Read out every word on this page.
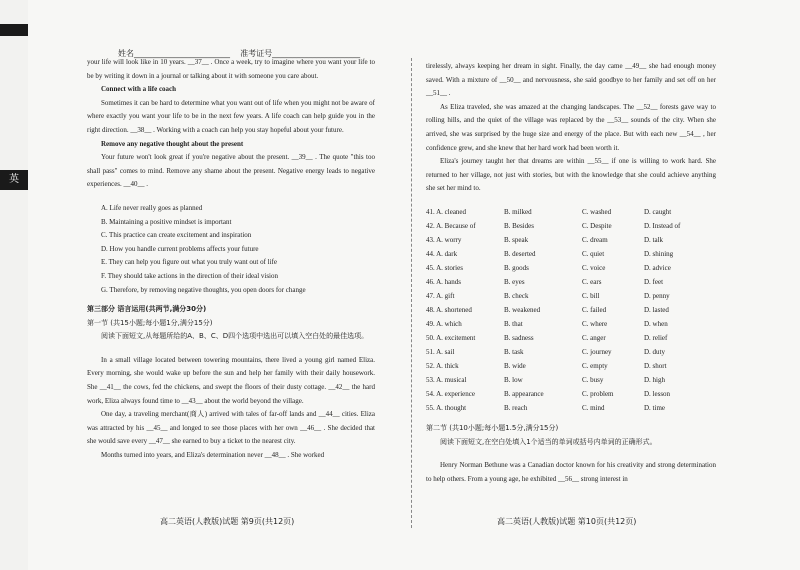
英
姓名________________________    准考证号______________________

your life will look like in 10 years. __37__ . Once a week, try to imagine where you want your life to be by writing it down in a journal or talking about it with someone you care about.

Connect with a life coach

Sometimes it can be hard to determine what you want out of life when you might not be aware of where exactly you want your life to be in the next few years. A life coach can help guide you in the right direction. __38__ . Working with a coach can help you stay hopeful about your future.

Remove any negative thought about the present

Your future won't look great if you're negative about the present. __39__ . The quote "this too shall pass" comes to mind. Remove any shame about the present. Negative energy leads to negative experiences. __40__ .

A. Life never really goes as planned

B. Maintaining a positive mindset is important

C. This practice can create excitement and inspiration

D. How you handle current problems affects your future

E. They can help you figure out what you truly want out of life

F. They should take actions in the direction of their ideal vision

G. Therefore, by removing negative thoughts, you open doors for change

第三部分 语言运用(共两节,满分30分)

第一节 (共15小题;每小题1分,满分15分)

阅读下面短文,从每题所给的A、B、C、D四个选项中选出可以填入空白处的最佳选项。

In a small village located between towering mountains, there lived a young girl named Eliza. Every morning, she would wake up before the sun and help her family with their daily housework. She __41__ the cows, fed the chickens, and swept the floors of their dusty cottage. __42__ the hard work, Eliza always found time to __43__ about the world beyond the village.

One day, a traveling merchant(商人) arrived with tales of far-off lands and __44__ cities. Eliza was attracted by his __45__ and longed to see those places with her own __46__ . She decided that she would save every __47__ she earned to buy a ticket to the nearest city.

Months turned into years, and Eliza's determination never __48__ . She worked

高二英语(人教版)试题 第9页(共12页)

tirelessly, always keeping her dream in sight. Finally, the day came __49__ she had enough money saved. With a mixture of __50__ and nervousness, she said goodbye to her family and set off on her __51__ .

As Eliza traveled, she was amazed at the changing landscapes. The __52__ forests gave way to rolling hills, and the quiet of the village was replaced by the __53__ sounds of the city. When she arrived, she was surprised by the huge size and energy of the place. But with each new __54__ , her confidence grew, and she knew that her hard work had been worth it.

Eliza's journey taught her that dreams are within __55__ if one is willing to work hard. She returned to her village, not just with stories, but with the knowledge that she could achieve anything she set her mind to.

41. A. cleaned	B. milked	C. washed	D. caught
42. A. Because of	B. Besides	C. Despite	D. Instead of
43. A. worry	B. speak	C. dream	D. talk
44. A. dark	B. deserted	C. quiet	D. shining
45. A. stories	B. goods	C. voice	D. advice
46. A. hands	B. eyes	C. ears	D. feet
47. A. gift	B. check	C. bill	D. penny
48. A. shortened	B. weakened	C. failed	D. lasted
49. A. which	B. that	C. where	D. when
50. A. excitement	B. sadness	C. anger	D. relief
51. A. sail	B. task	C. journey	D. duty
52. A. thick	B. wide	C. empty	D. short
53. A. musical	B. low	C. busy	D. high
54. A. experience	B. appearance	C. problem	D. lesson
55. A. thought	B. reach	C. mind	D. time

第二节 (共10小题;每小题1.5分,满分15分)

阅读下面短文,在空白处填入1个适当的单词或括号内单词的正确形式。

Henry Norman Bethune was a Canadian doctor known for his creativity and strong determination to help others. From a young age, he exhibited __56__ strong interest in

高二英语(人教版)试题 第10页(共12页)
